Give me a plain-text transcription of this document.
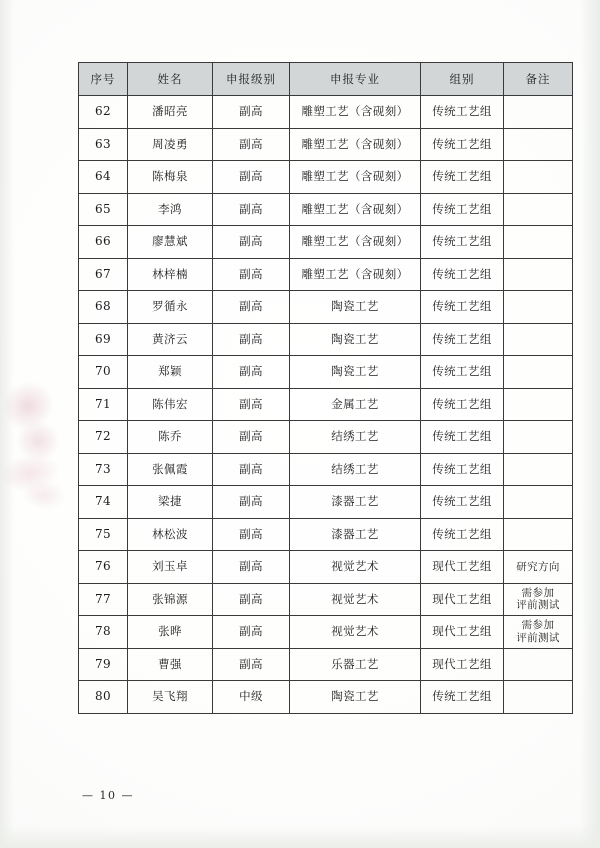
序号	姓名	申报级别	申报专业	组别	备注
62	潘昭亮	副高	雕塑工艺（含砚刻）	传统工艺组	
63	周凌勇	副高	雕塑工艺（含砚刻）	传统工艺组	
64	陈梅泉	副高	雕塑工艺（含砚刻）	传统工艺组	
65	李鸿	副高	雕塑工艺（含砚刻）	传统工艺组	
66	廖慧斌	副高	雕塑工艺（含砚刻）	传统工艺组	
67	林梓楠	副高	雕塑工艺（含砚刻）	传统工艺组	
68	罗循永	副高	陶瓷工艺	传统工艺组	
69	黄济云	副高	陶瓷工艺	传统工艺组	
70	郑颖	副高	陶瓷工艺	传统工艺组	
71	陈伟宏	副高	金属工艺	传统工艺组	
72	陈乔	副高	结绣工艺	传统工艺组	
73	张佩霞	副高	结绣工艺	传统工艺组	
74	梁捷	副高	漆器工艺	传统工艺组	
75	林松波	副高	漆器工艺	传统工艺组	
76	刘玉卓	副高	视觉艺术	现代工艺组	研究方向

77	张锦源	副高	视觉艺术	现代工艺组	需参加
评前测试

78	张晔	副高	视觉艺术	现代工艺组	需参加
评前测试

79	曹强	副高	乐器工艺	现代工艺组	
80	吴飞翔	中级	陶瓷工艺	传统工艺组	
— 10 —
